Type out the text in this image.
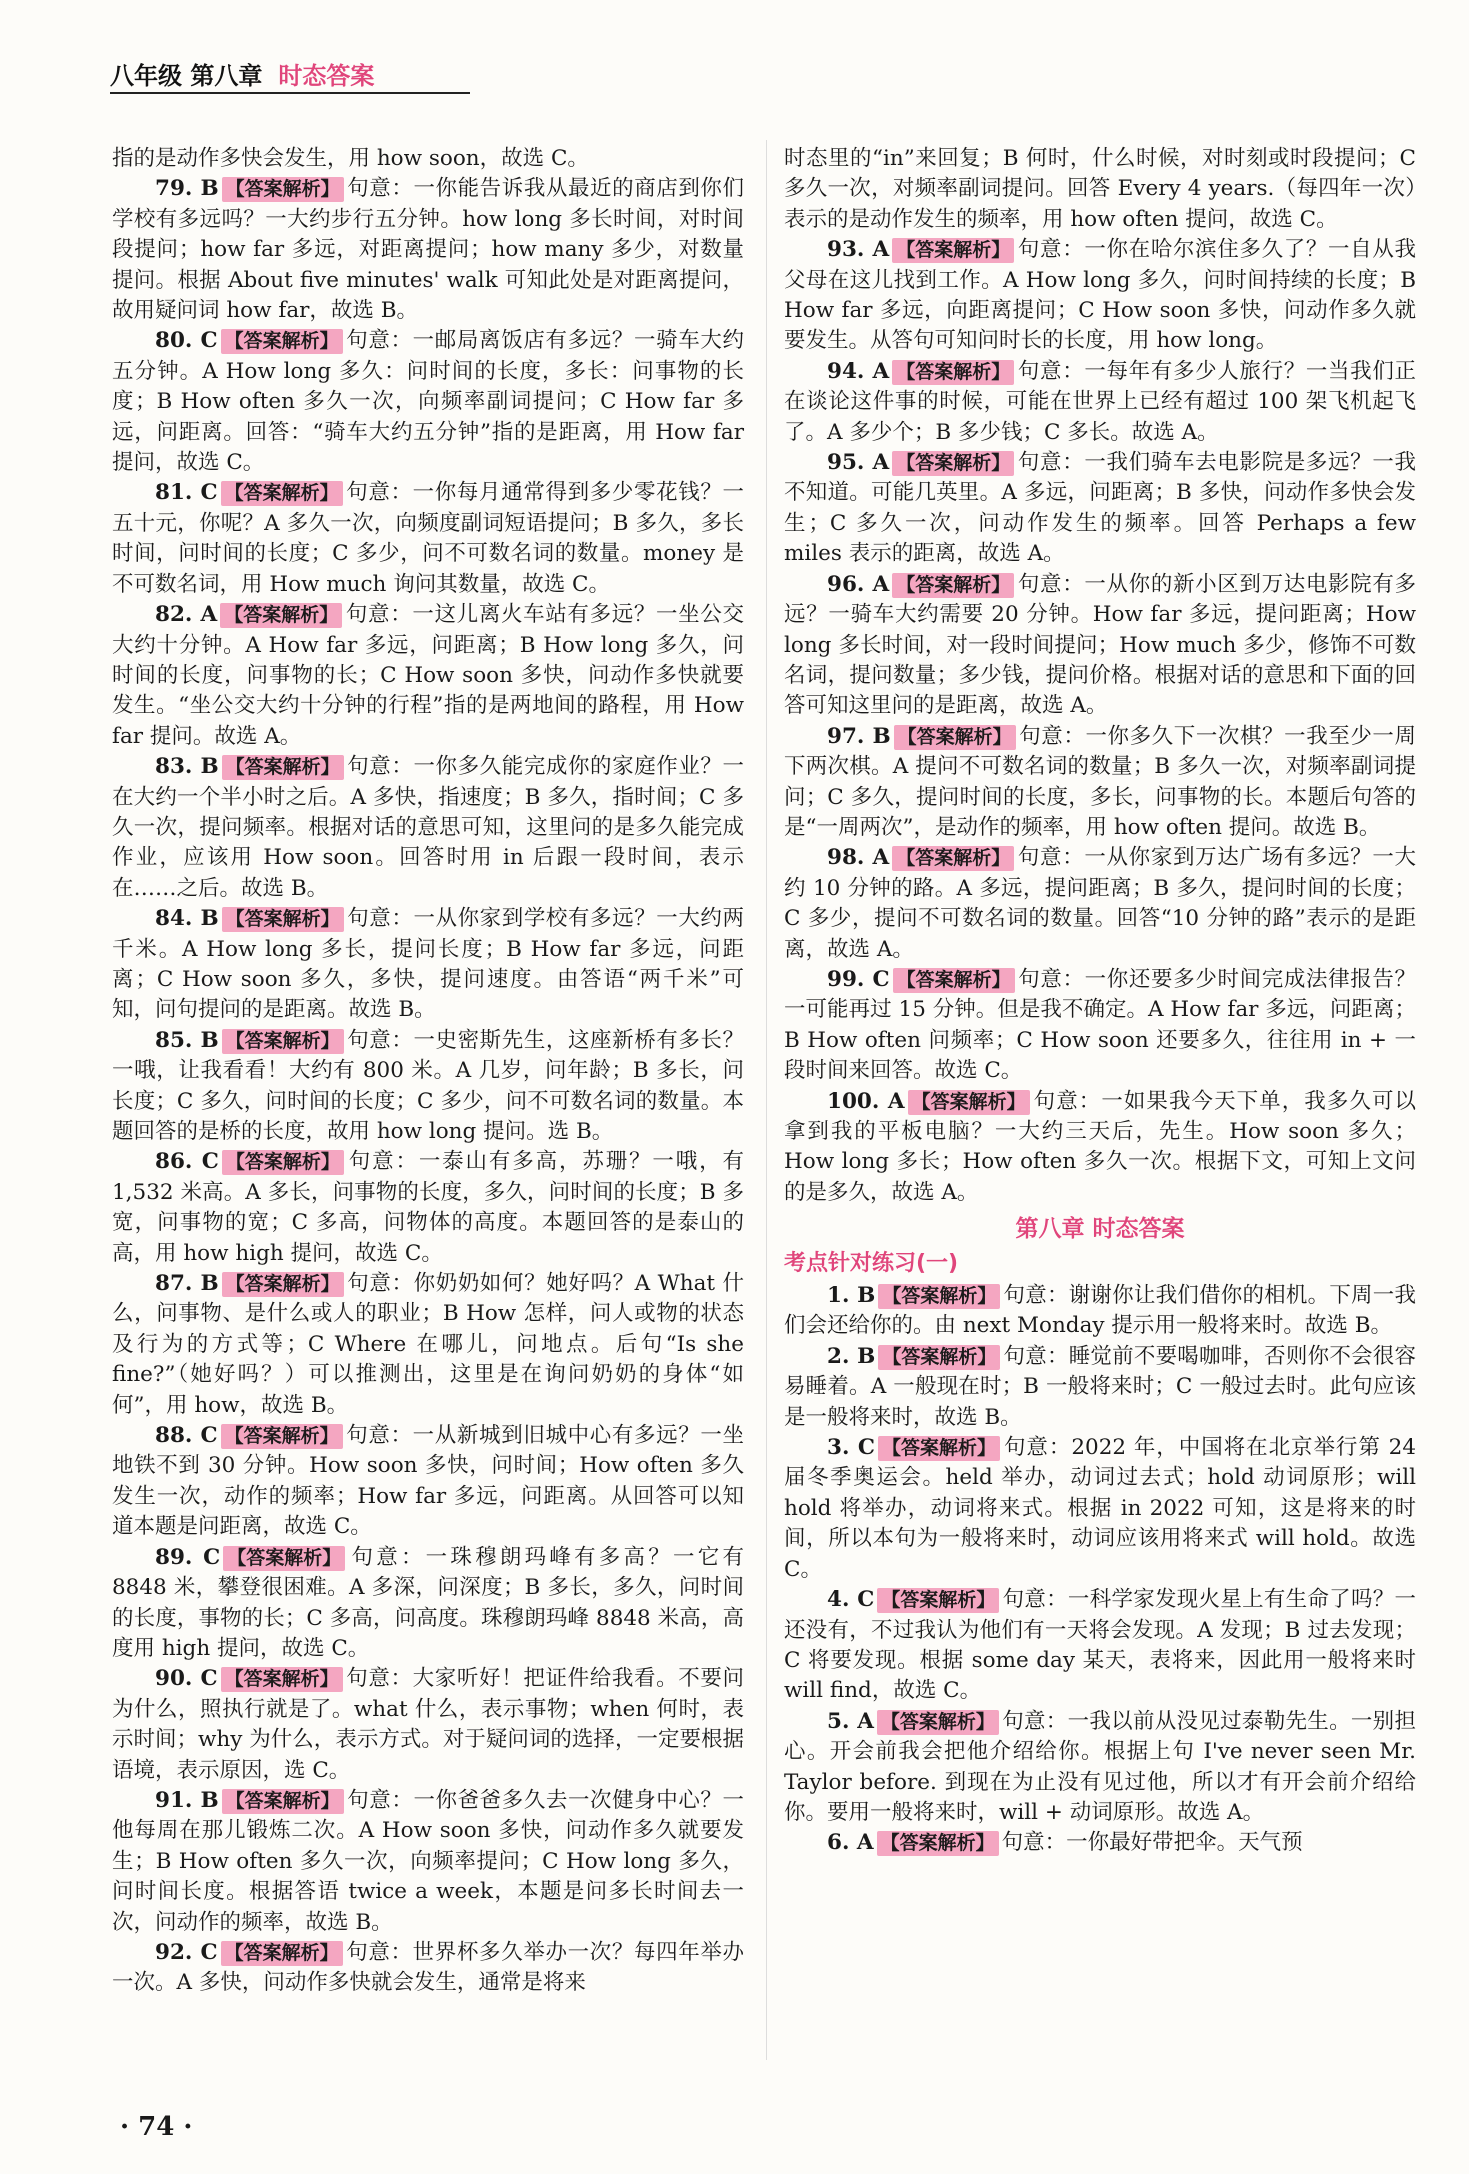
八年级 第八章 时态答案

指的是动作多快会发生，用 how soon，故选 C。

79. B 【答案解析】 句意：一你能告诉我从最近的商店到你们学校有多远吗？一大约步行五分钟。how long 多长时间，对时间段提问；how far 多远，对距离提问；how many 多少，对数量提问。根据 About five minutes' walk 可知此处是对距离提问，故用疑问词 how far，故选 B。

80. C 【答案解析】 句意：一邮局离饭店有多远？一骑车大约五分钟。A How long 多久：问时间的长度，多长：问事物的长度；B How often 多久一次，向频率副词提问；C How far 多远，问距离。回答：“骑车大约五分钟”指的是距离，用 How far 提问，故选 C。

81. C 【答案解析】 句意：一你每月通常得到多少零花钱？一五十元，你呢？A 多久一次，向频度副词短语提问；B 多久，多长时间，问时间的长度；C 多少，问不可数名词的数量。money 是不可数名词，用 How much 询问其数量，故选 C。

82. A 【答案解析】 句意：一这儿离火车站有多远？一坐公交大约十分钟。A How far 多远，问距离；B How long 多久，问时间的长度，问事物的长；C How soon 多快，问动作多快就要发生。“坐公交大约十分钟的行程”指的是两地间的路程，用 How far 提问。故选 A。

83. B 【答案解析】 句意：一你多久能完成你的家庭作业？一在大约一个半小时之后。A 多快，指速度；B 多久，指时间；C 多久一次，提问频率。根据对话的意思可知，这里问的是多久能完成作业，应该用 How soon。回答时用 in 后跟一段时间，表示在……之后。故选 B。

84. B 【答案解析】 句意：一从你家到学校有多远？一大约两千米。A How long 多长，提问长度；B How far 多远，问距离；C How soon 多久，多快，提问速度。由答语“两千米”可知，问句提问的是距离。故选 B。

85. B 【答案解析】 句意：一史密斯先生，这座新桥有多长？一哦，让我看看！大约有 800 米。A 几岁，问年龄；B 多长，问长度；C 多久，问时间的长度；C 多少，问不可数名词的数量。本题回答的是桥的长度，故用 how long 提问。选 B。

86. C 【答案解析】 句意：一泰山有多高，苏珊？一哦，有 1,532 米高。A 多长，问事物的长度，多久，问时间的长度；B 多宽，问事物的宽；C 多高，问物体的高度。本题回答的是泰山的高，用 how high 提问，故选 C。

87. B 【答案解析】 句意：你奶奶如何？她好吗？A What 什么，问事物、是什么或人的职业；B How 怎样，问人或物的状态及行为的方式等；C Where 在哪儿，问地点。后句“Is she fine?”（她好吗？）可以推测出，这里是在询问奶奶的身体“如何”，用 how，故选 B。

88. C 【答案解析】 句意：一从新城到旧城中心有多远？一坐地铁不到 30 分钟。How soon 多快，问时间；How often 多久发生一次，动作的频率；How far 多远，问距离。从回答可以知道本题是问距离，故选 C。

89. C 【答案解析】 句意：一珠穆朗玛峰有多高？一它有 8848 米，攀登很困难。A 多深，问深度；B 多长，多久，问时间的长度，事物的长；C 多高，问高度。珠穆朗玛峰 8848 米高，高度用 high 提问，故选 C。

90. C 【答案解析】 句意：大家听好！把证件给我看。不要问为什么，照执行就是了。what 什么，表示事物；when 何时，表示时间；why 为什么，表示方式。对于疑问词的选择，一定要根据语境，表示原因，选 C。

91. B 【答案解析】 句意：一你爸爸多久去一次健身中心？一他每周在那儿锻炼二次。A How soon 多快，问动作多久就要发生；B How often 多久一次，向频率提问；C How long 多久，问时间长度。根据答语 twice a week，本题是问多长时间去一次，问动作的频率，故选 B。

92. C 【答案解析】 句意：世界杯多久举办一次？每四年举办一次。A 多快，问动作多快就会发生，通常是将来

时态里的“in”来回复；B 何时，什么时候，对时刻或时段提问；C 多久一次，对频率副词提问。回答 Every 4 years.（每四年一次）表示的是动作发生的频率，用 how often 提问，故选 C。

93. A 【答案解析】 句意：一你在哈尔滨住多久了？一自从我父母在这儿找到工作。A How long 多久，问时间持续的长度；B How far 多远，向距离提问；C How soon 多快，问动作多久就要发生。从答句可知问时长的长度，用 how long。

94. A 【答案解析】 句意：一每年有多少人旅行？一当我们正在谈论这件事的时候，可能在世界上已经有超过 100 架飞机起飞了。A 多少个；B 多少钱；C 多长。故选 A。

95. A 【答案解析】 句意：一我们骑车去电影院是多远？一我不知道。可能几英里。A 多远，问距离；B 多快，问动作多快会发生；C 多久一次，问动作发生的频率。回答 Perhaps a few miles 表示的距离，故选 A。

96. A 【答案解析】 句意：一从你的新小区到万达电影院有多远？一骑车大约需要 20 分钟。How far 多远，提问距离；How long 多长时间，对一段时间提问；How much 多少，修饰不可数名词，提问数量；多少钱，提问价格。根据对话的意思和下面的回答可知这里问的是距离，故选 A。

97. B 【答案解析】 句意：一你多久下一次棋？一我至少一周下两次棋。A 提问不可数名词的数量；B 多久一次，对频率副词提问；C 多久，提问时间的长度，多长，问事物的长。本题后句答的是“一周两次”，是动作的频率，用 how often 提问。故选 B。

98. A 【答案解析】 句意：一从你家到万达广场有多远？一大约 10 分钟的路。A 多远，提问距离；B 多久，提问时间的长度；C 多少，提问不可数名词的数量。回答“10 分钟的路”表示的是距离，故选 A。

99. C 【答案解析】 句意：一你还要多少时间完成法律报告？一可能再过 15 分钟。但是我不确定。A How far 多远，问距离；B How often 问频率；C How soon 还要多久，往往用 in + 一段时间来回答。故选 C。

100. A 【答案解析】 句意：一如果我今天下单，我多久可以拿到我的平板电脑？一大约三天后，先生。How soon 多久；How long 多长；How often 多久一次。根据下文，可知上文问的是多久，故选 A。

第八章 时态答案
考点针对练习(一)

1. B 【答案解析】 句意：谢谢你让我们借你的相机。下周一我们会还给你的。由 next Monday 提示用一般将来时。故选 B。

2. B 【答案解析】 句意：睡觉前不要喝咖啡，否则你不会很容易睡着。A 一般现在时；B 一般将来时；C 一般过去时。此句应该是一般将来时，故选 B。

3. C 【答案解析】 句意：2022 年，中国将在北京举行第 24 届冬季奥运会。held 举办，动词过去式；hold 动词原形；will hold 将举办，动词将来式。根据 in 2022 可知，这是将来的时间，所以本句为一般将来时，动词应该用将来式 will hold。故选 C。

4. C 【答案解析】 句意：一科学家发现火星上有生命了吗？一还没有，不过我认为他们有一天将会发现。A 发现；B 过去发现；C 将要发现。根据 some day 某天，表将来，因此用一般将来时 will find，故选 C。

5. A 【答案解析】 句意：一我以前从没见过泰勒先生。一别担心。开会前我会把他介绍给你。根据上句 I've never seen Mr. Taylor before. 到现在为止没有见过他，所以才有开会前介绍给你。要用一般将来时，will + 动词原形。故选 A。

6. A 【答案解析】 句意：一你最好带把伞。天气预

· 74 ·
